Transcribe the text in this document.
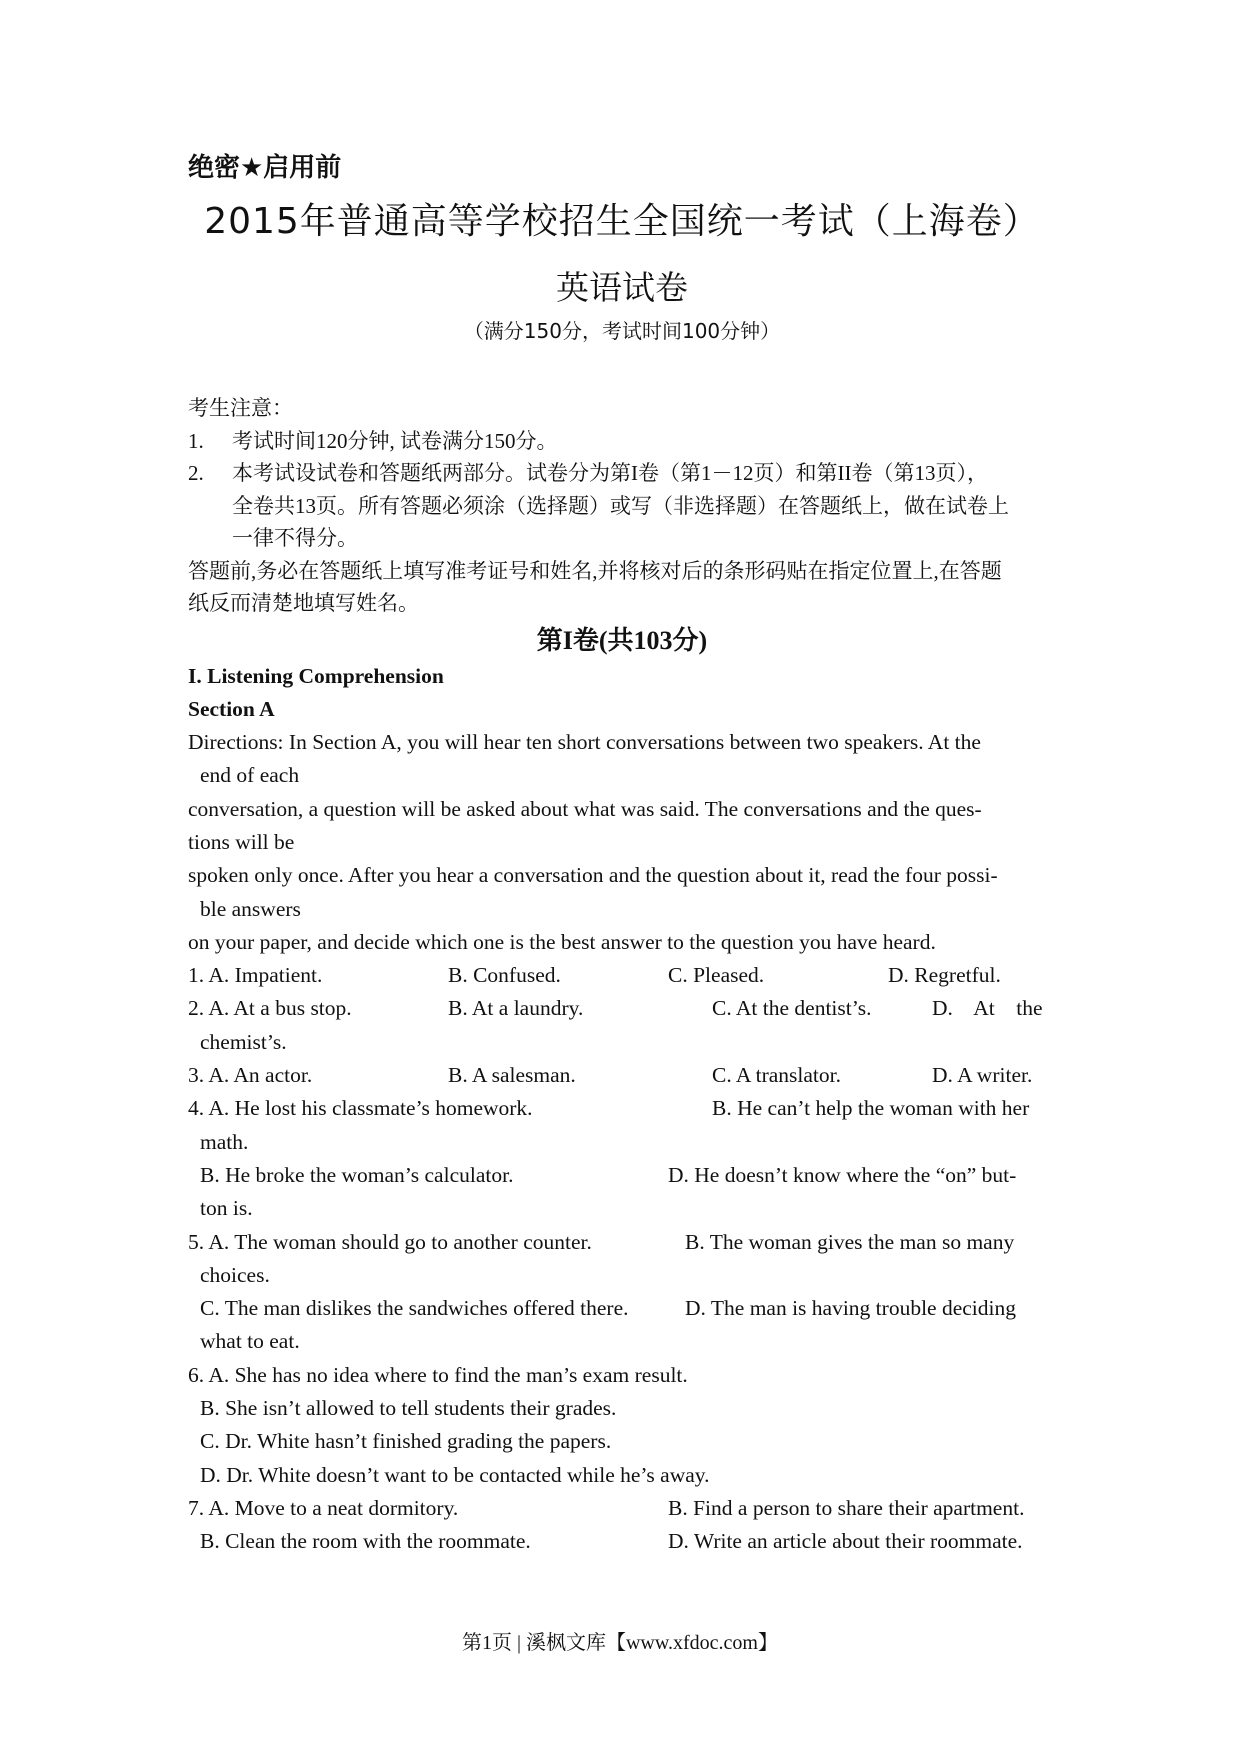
绝密★启用前
2015年普通高等学校招生全国统一考试（上海卷）
英语试卷
（满分150分，考试时间100分钟）
考生注意：
1.	考试时间120分钟, 试卷满分150分。
2.	本考试设试卷和答题纸两部分。试卷分为第I卷（第1－12页）和第II卷（第13页），
全卷共13页。所有答题必须涂（选择题）或写（非选择题）在答题纸上，做在试卷上
一律不得分。
答题前,务必在答题纸上填写准考证号和姓名,并将核对后的条形码贴在指定位置上,在答题
纸反而清楚地填写姓名。
第I卷(共103分)
I. Listening Comprehension
Section A
Directions: In Section A, you will hear ten short conversations between two speakers. At the
end of each
conversation, a question will be asked about what was said. The conversations and the ques-
tions will be
spoken only once. After you hear a conversation and the question about it, read the four possi-
ble answers
on your paper, and decide which one is the best answer to the question you have heard.
1. A. Impatient.	B. Confused.	C. Pleased.	D. Regretful.
2. A. At a bus stop.	B. At a laundry.	C. At the dentist’s.	D.    At    the
chemist’s.
3. A. An actor.	B. A salesman.	C. A translator.	D. A writer.
4. A. He lost his classmate’s homework.	B. He can’t help the woman with her
math.
B. He broke the woman’s calculator.	D. He doesn’t know where the “on” but-
ton is.
5. A. The woman should go to another counter.	B. The woman gives the man so many
choices.
C. The man dislikes the sandwiches offered there.	D. The man is having trouble deciding
what to eat.
6. A. She has no idea where to find the man’s exam result.
B. She isn’t allowed to tell students their grades.
C. Dr. White hasn’t finished grading the papers.
D. Dr. White doesn’t want to be contacted while he’s away.
7. A. Move to a neat dormitory.	B. Find a person to share their apartment.
B. Clean the room with the roommate.	D. Write an article about their roommate.
第1页 | 溪枫文库【www.xfdoc.com】
